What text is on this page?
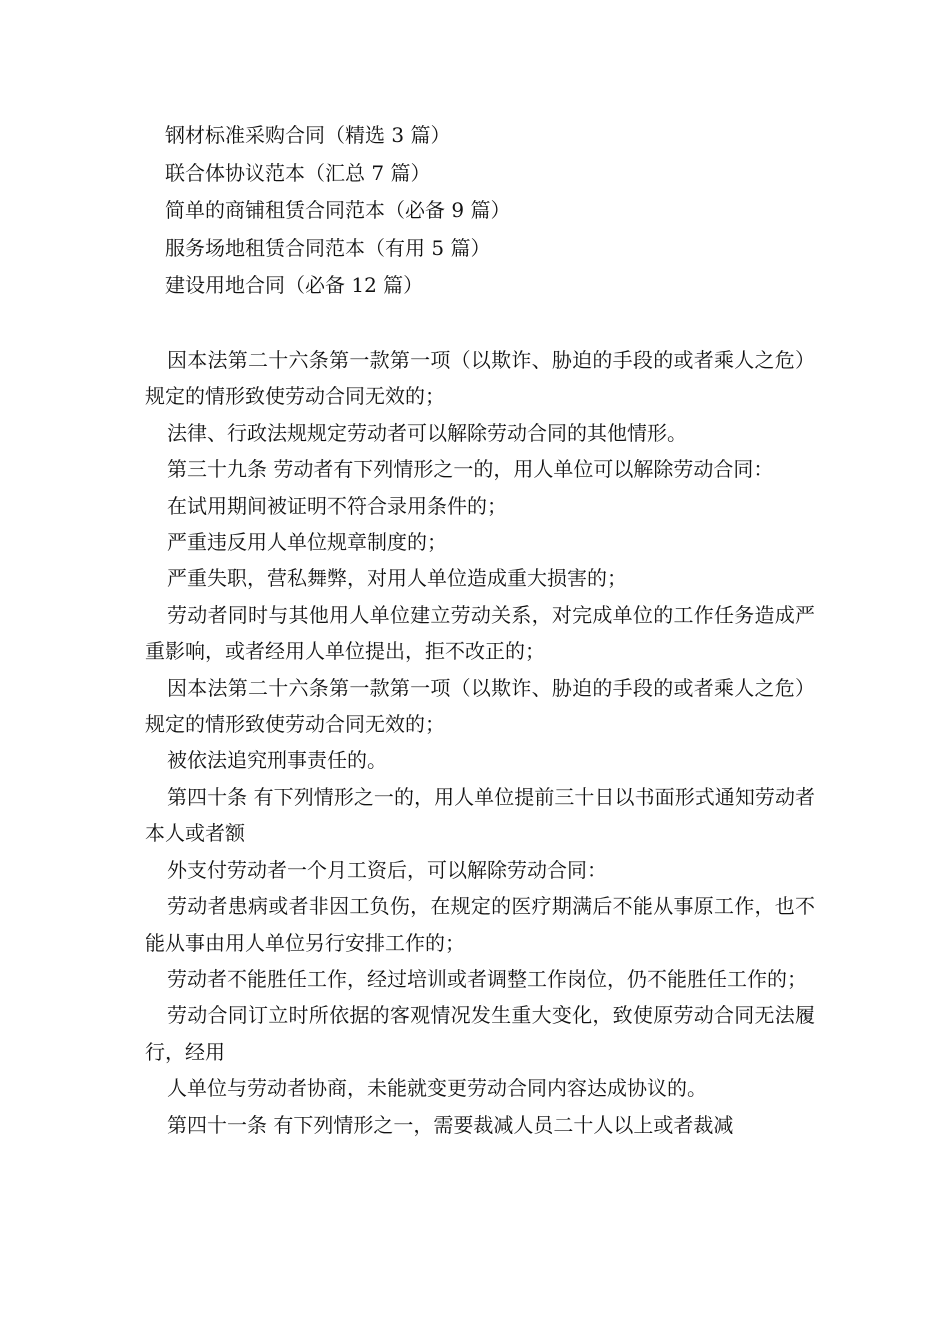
钢材标准采购合同（精选 3 篇）
联合体协议范本（汇总 7 篇）
简单的商铺租赁合同范本（必备 9 篇）
服务场地租赁合同范本（有用 5 篇）
建设用地合同（必备 12 篇）

因本法第二十六条第一款第一项（以欺诈、胁迫的手段的或者乘人之危）规定的情形致使劳动合同无效的；

法律、行政法规规定劳动者可以解除劳动合同的其他情形。

第三十九条 劳动者有下列情形之一的，用人单位可以解除劳动合同：

在试用期间被证明不符合录用条件的；

严重违反用人单位规章制度的；

严重失职，营私舞弊，对用人单位造成重大损害的；

劳动者同时与其他用人单位建立劳动关系，对完成单位的工作任务造成严重影响，或者经用人单位提出，拒不改正的；

因本法第二十六条第一款第一项（以欺诈、胁迫的手段的或者乘人之危）规定的情形致使劳动合同无效的；

被依法追究刑事责任的。

第四十条 有下列情形之一的，用人单位提前三十日以书面形式通知劳动者本人或者额

外支付劳动者一个月工资后，可以解除劳动合同：

劳动者患病或者非因工负伤，在规定的医疗期满后不能从事原工作，也不能从事由用人单位另行安排工作的；

劳动者不能胜任工作，经过培训或者调整工作岗位，仍不能胜任工作的；

劳动合同订立时所依据的客观情况发生重大变化，致使原劳动合同无法履行，经用

人单位与劳动者协商，未能就变更劳动合同内容达成协议的。

第四十一条 有下列情形之一，需要裁减人员二十人以上或者裁减
